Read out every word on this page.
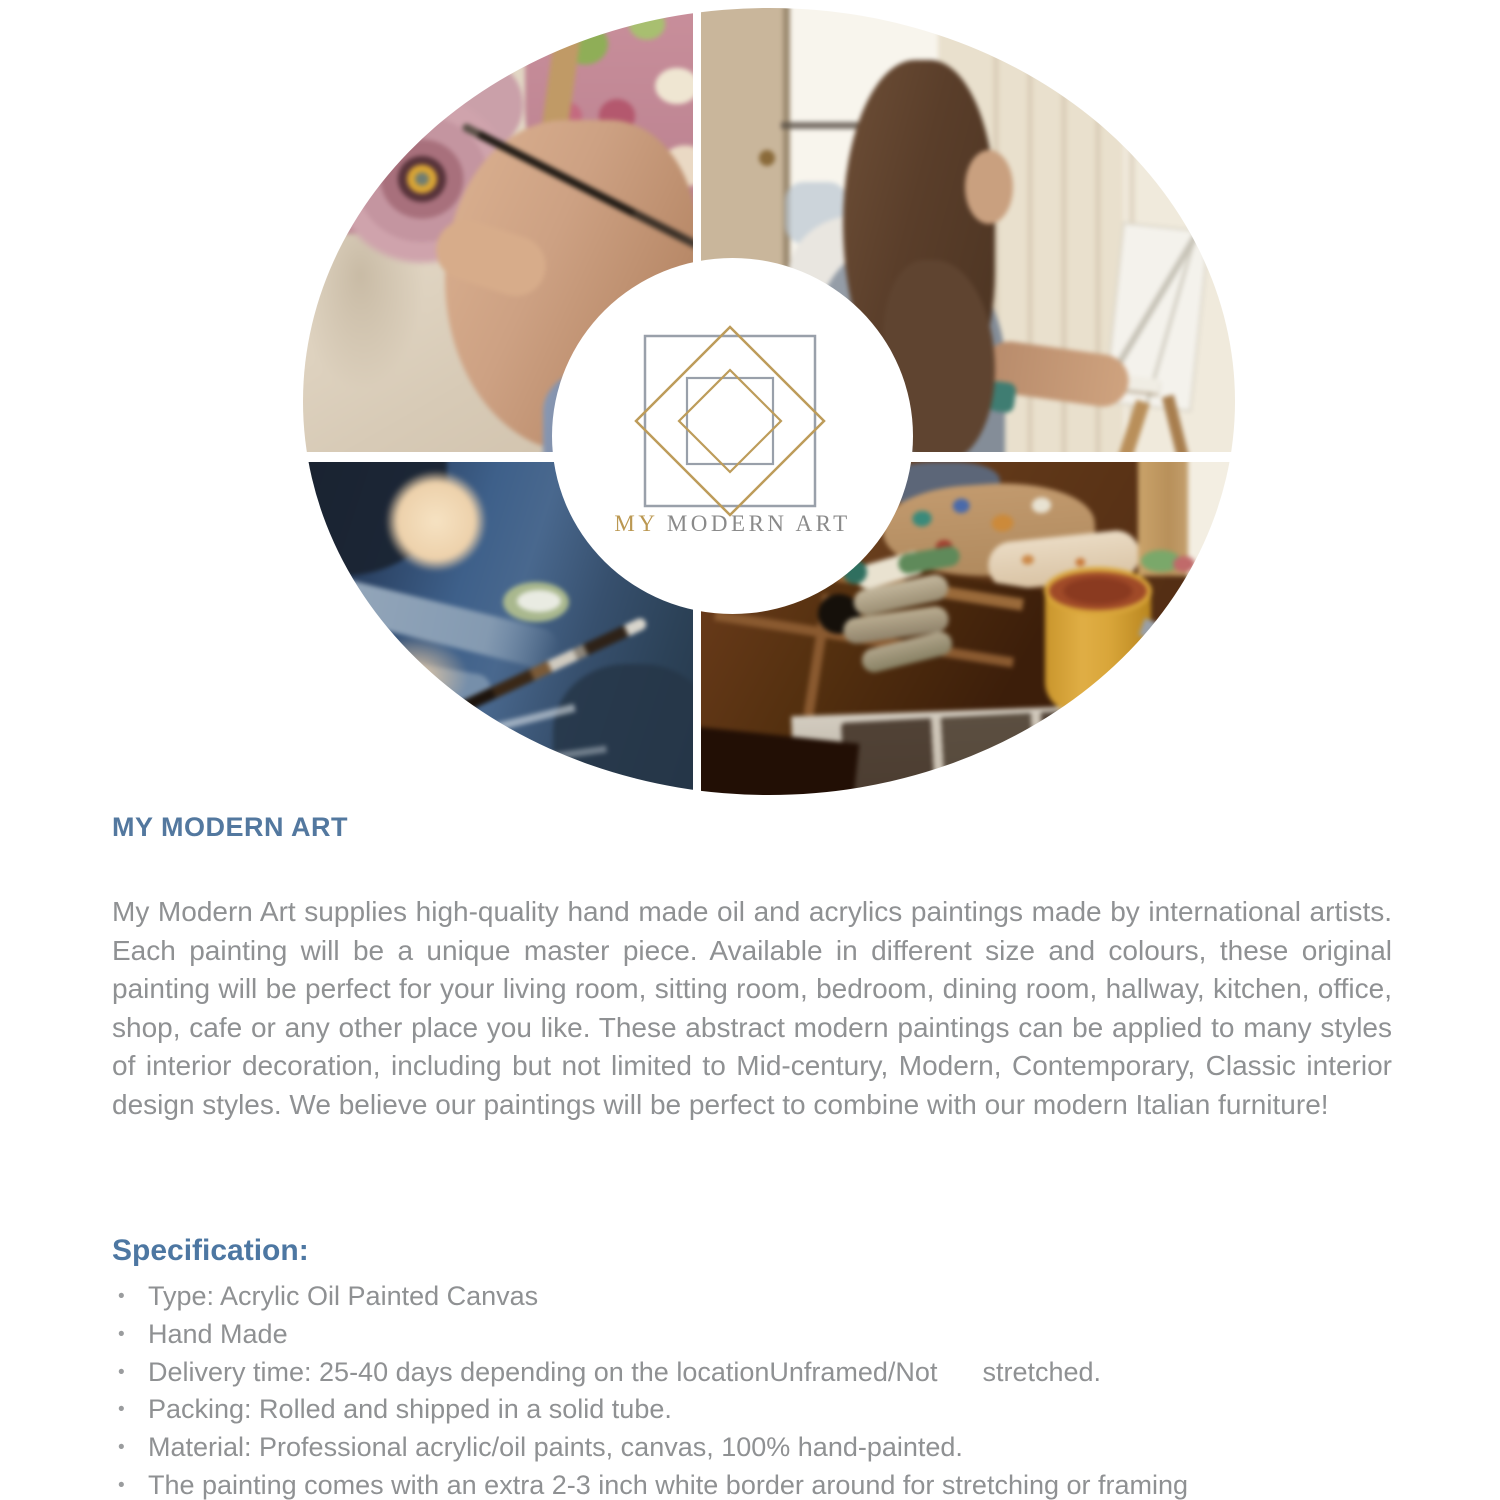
MY MODERN ART
MY MODERN ART

My Modern Art supplies high-quality hand made oil and acrylics paintings made by international artists. Each painting will be a unique master piece. Available in different size and colours, these original painting will be perfect for your living room, sitting room, bedroom, dining room, hallway, kitchen, office, shop, cafe or any other place you like. These abstract modern paintings can be applied to many styles of interior decoration, including but not limited to Mid-century, Modern, Contemporary, Classic interior design styles. We believe our paintings will be perfect to combine with our modern Italian furniture!

Specification:
• Type: Acrylic Oil Painted Canvas
• Hand Made
• Delivery time: 25-40 days depending on the locationUnframed/Not      stretched.
• Packing: Rolled and shipped in a solid tube.
• Material: Professional acrylic/oil paints, canvas, 100% hand-painted.
• The painting comes with an extra 2-3 inch white border around for stretching or framing
